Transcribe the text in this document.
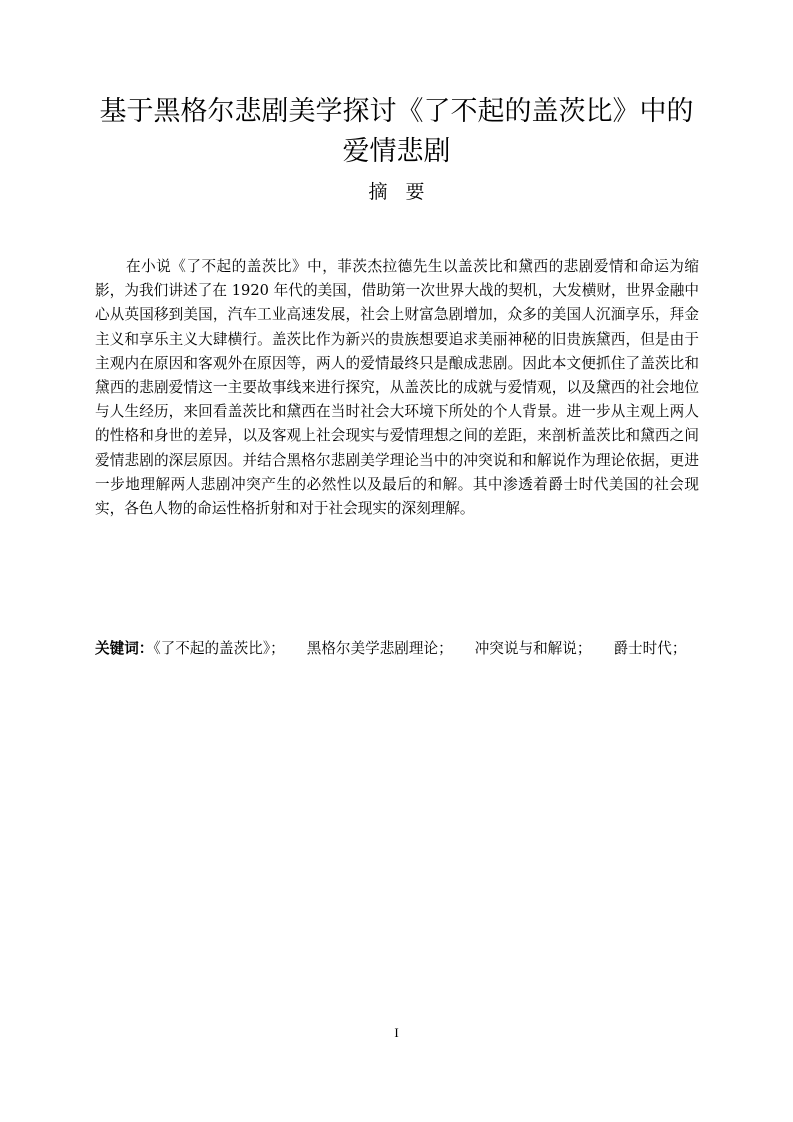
基于黑格尔悲剧美学探讨《了不起的盖茨比》中的爱情悲剧
摘要

在小说《了不起的盖茨比》中，菲茨杰拉德先生以盖茨比和黛西的悲剧爱情和命运为缩影，为我们讲述了在 1920 年代的美国，借助第一次世界大战的契机，大发横财，世界金融中心从英国移到美国，汽车工业高速发展，社会上财富急剧增加，众多的美国人沉湎享乐，拜金主义和享乐主义大肆横行。盖茨比作为新兴的贵族想要追求美丽神秘的旧贵族黛西，但是由于主观内在原因和客观外在原因等，两人的爱情最终只是酿成悲剧。因此本文便抓住了盖茨比和黛西的悲剧爱情这一主要故事线来进行探究，从盖茨比的成就与爱情观，以及黛西的社会地位与人生经历，来回看盖茨比和黛西在当时社会大环境下所处的个人背景。进一步从主观上两人的性格和身世的差异，以及客观上社会现实与爱情理想之间的差距，来剖析盖茨比和黛西之间爱情悲剧的深层原因。并结合黑格尔悲剧美学理论当中的冲突说和和解说作为理论依据，更进一步地理解两人悲剧冲突产生的必然性以及最后的和解。其中渗透着爵士时代美国的社会现实，各色人物的命运性格折射和对于社会现实的深刻理解。

关键词：《了不起的盖茨比》； 黑格尔美学悲剧理论； 冲突说与和解说； 爵士时代；

I
